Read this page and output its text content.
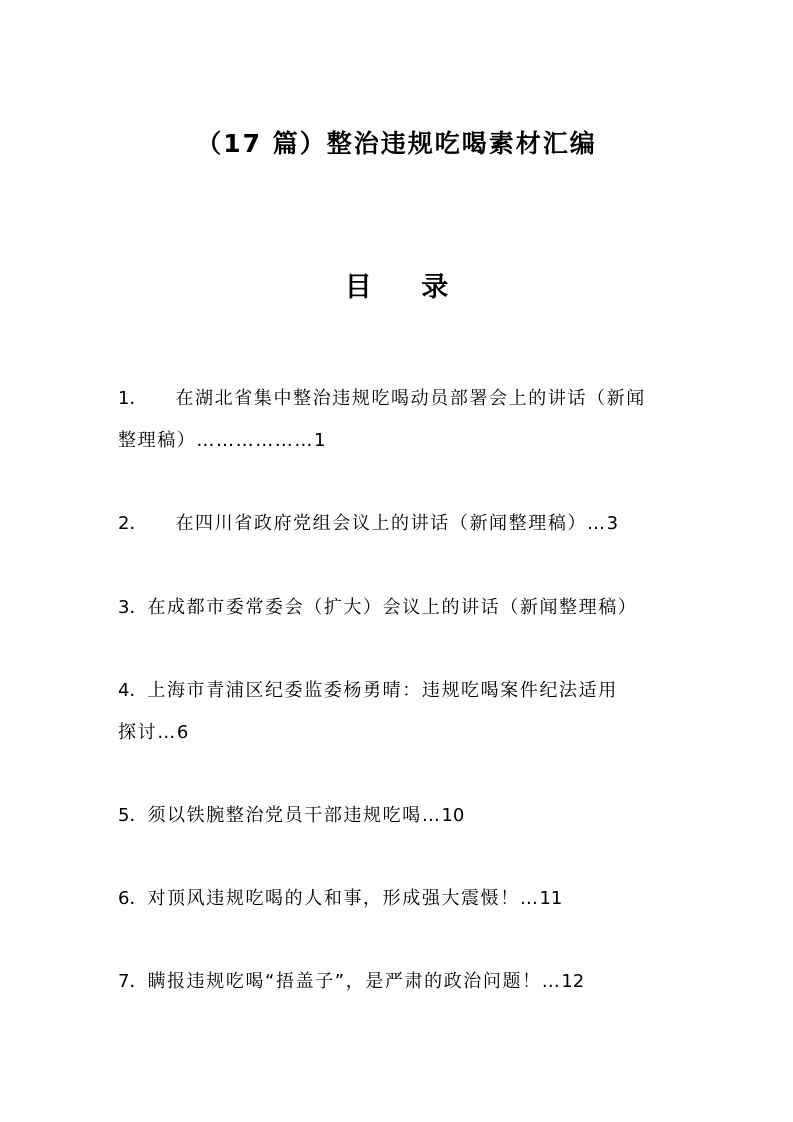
（17 篇）整治违规吃喝素材汇编
目 录
1． 在湖北省集中整治违规吃喝动员部署会上的讲话（新闻
整理稿）………………1
2． 在四川省政府党组会议上的讲话（新闻整理稿）…3
3．在成都市委常委会（扩大）会议上的讲话（新闻整理稿）
4．上海市青浦区纪委监委杨勇晴：违规吃喝案件纪法适用
探讨…6
5．须以铁腕整治党员干部违规吃喝…10
6．对顶风违规吃喝的人和事，形成强大震慑！…11
7．瞒报违规吃喝“捂盖子”，是严肃的政治问题！…12
